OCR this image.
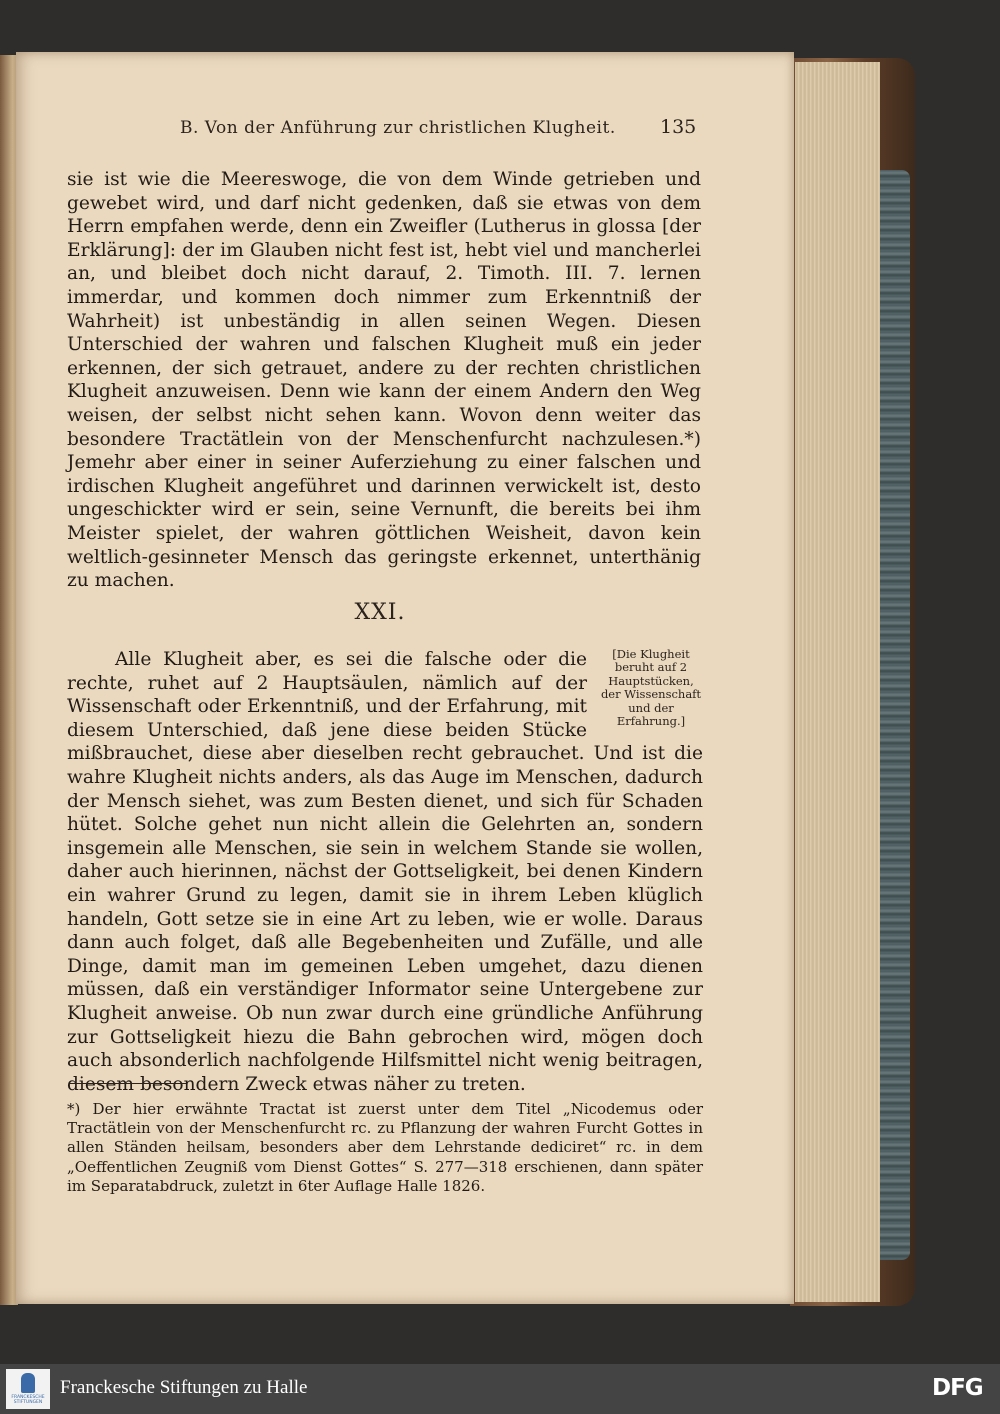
B. Von der Anführung zur christlichen Klugheit.	135

sie ist wie die Meereswoge, die von dem Winde getrieben und gewebet wird, und darf nicht gedenken, daß sie etwas von dem Herrn empfahen werde, denn ein Zweifler (Lutherus in glossa [der Erklärung]: der im Glauben nicht fest ist, hebt viel und mancherlei an, und bleibet doch nicht darauf, 2. Timoth. III. 7. lernen immerdar, und kommen doch nimmer zum Erkenntniß der Wahrheit) ist unbeständig in allen seinen Wegen. Diesen Unterschied der wahren und falschen Klugheit muß ein jeder erkennen, der sich getrauet, andere zu der rechten christlichen Klugheit anzuweisen. Denn wie kann der einem Andern den Weg weisen, der selbst nicht sehen kann. Wovon denn weiter das besondere Tractätlein von der Menschenfurcht nachzulesen.*) Jemehr aber einer in seiner Auferziehung zu einer falschen und irdischen Klugheit angeführet und darinnen verwickelt ist, desto ungeschickter wird er sein, seine Vernunft, die bereits bei ihm Meister spielet, der wahren göttlichen Weisheit, davon kein weltlich-gesinneter Mensch das geringste erkennet, unterthänig zu machen.

XXI.
[Die Klugheit beruht auf 2 Hauptstücken, der Wissenschaft und der Erfahrung.]
Alle Klugheit aber, es sei die falsche oder die rechte, ruhet auf 2 Hauptsäulen, nämlich auf der Wissenschaft oder Erkenntniß, und der Erfahrung, mit diesem Unterschied, daß jene diese beiden Stücke mißbrauchet, diese aber dieselben recht gebrauchet. Und ist die wahre Klugheit nichts anders, als das Auge im Menschen, dadurch der Mensch siehet, was zum Besten dienet, und sich für Schaden hütet. Solche gehet nun nicht allein die Gelehrten an, sondern insgemein alle Menschen, sie sein in welchem Stande sie wollen, daher auch hierinnen, nächst der Gottseligkeit, bei denen Kindern ein wahrer Grund zu legen, damit sie in ihrem Leben klüglich handeln, Gott setze sie in eine Art zu leben, wie er wolle. Daraus dann auch folget, daß alle Begebenheiten und Zufälle, und alle Dinge, damit man im gemeinen Leben umgehet, dazu dienen müssen, daß ein verständiger Informator seine Untergebene zur Klugheit anweise. Ob nun zwar durch eine gründliche Anführung zur Gottseligkeit hiezu die Bahn gebrochen wird, mögen doch auch absonderlich nachfolgende Hilfsmittel nicht wenig beitragen, diesem besondern Zweck etwas näher zu treten.
*) Der hier erwähnte Tractat ist zuerst unter dem Titel „Nicodemus oder Tractätlein von der Menschenfurcht rc. zu Pflanzung der wahren Furcht Gottes in allen Ständen heilsam, besonders aber dem Lehrstande dediciret“ rc. in dem „Oeffentlichen Zeugniß vom Dienst Gottes“ S. 277—318 erschienen, dann später im Separatabdruck, zuletzt in 6ter Auflage Halle 1826.
FRANCKESCHE STIFTUNGEN
Franckesche Stiftungen zu Halle	DFG
